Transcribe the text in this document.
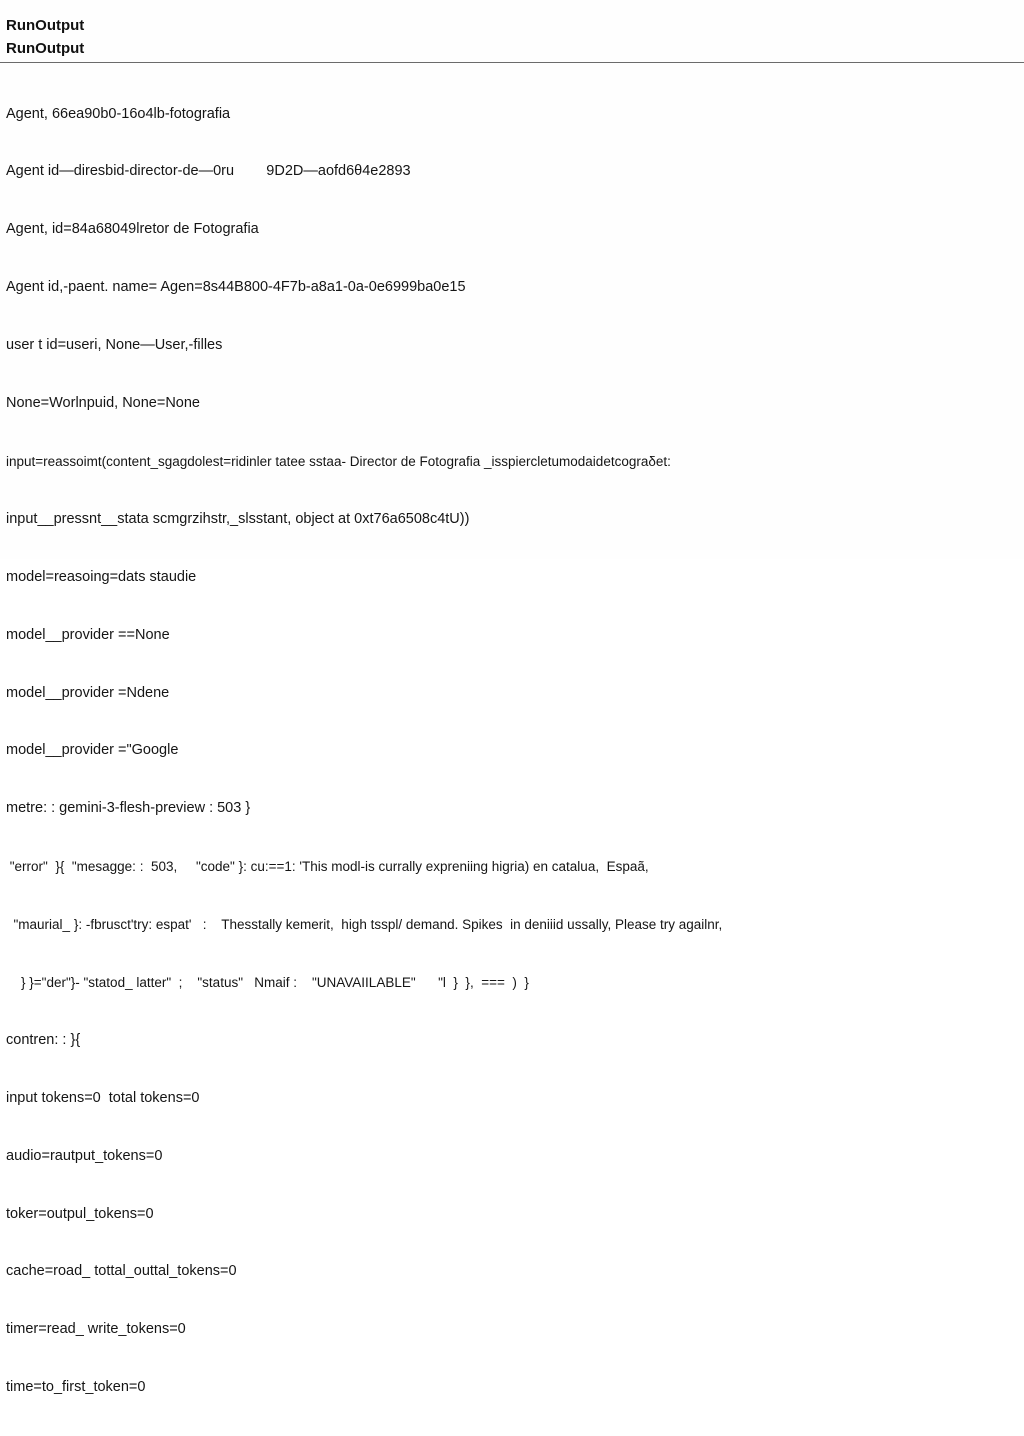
RunOutput
RunOutput

Agent, 66ea90b0-16o4lb-fotografia

Agent id—diresbid-director-de—0ru        9D2D—aofd6θ4e2893

Agent, id=84a68049lretor de Fotografia

Agent id,-paent. name= Agen=8s44B800-4F7b-a8a1-0a-0e6999ba0e15

user t id=useri, None—User,-filles

None=Worlnpuid, None=None

input=reassoimt(content_sgagdolest=ridinler tatee sstaa- Director de Fotografia _isspiercletumodaidetcograδet:

input__pressnt__stata scmgrzihstr,_slsstant, object at 0xt76a6508c4tU))

model=reasoing=dats staudie

model__provider ==None

model__provider =Ndene

model__provider ="Google

metre: : gemini-3-flesh-preview : 503 }

"error"  }{  "mesagge: :  503,     "code" }: cu:==1: 'This modl-is currally expreniing higria) en catalua,  Espaã,

"maurial_ }: -fbrusct'try: espat'   :    Thesstally kemerit,  high tsspl/ demand. Spikes  in deniiid ussally, Please try agailnr,

} }="der"}- "statod_ latter"  ;    "status"   Nmaif :    "UNAVAIILABLE"      "l  }  },  ===  )  }

contren: : }{

input tokens=0  total tokens=0

audio=rautput_tokens=0

toker=outpul_tokens=0

cache=road_ tottal_outtal_tokens=0

timer=read_ write_tokens=0

time=to_first_token=0
